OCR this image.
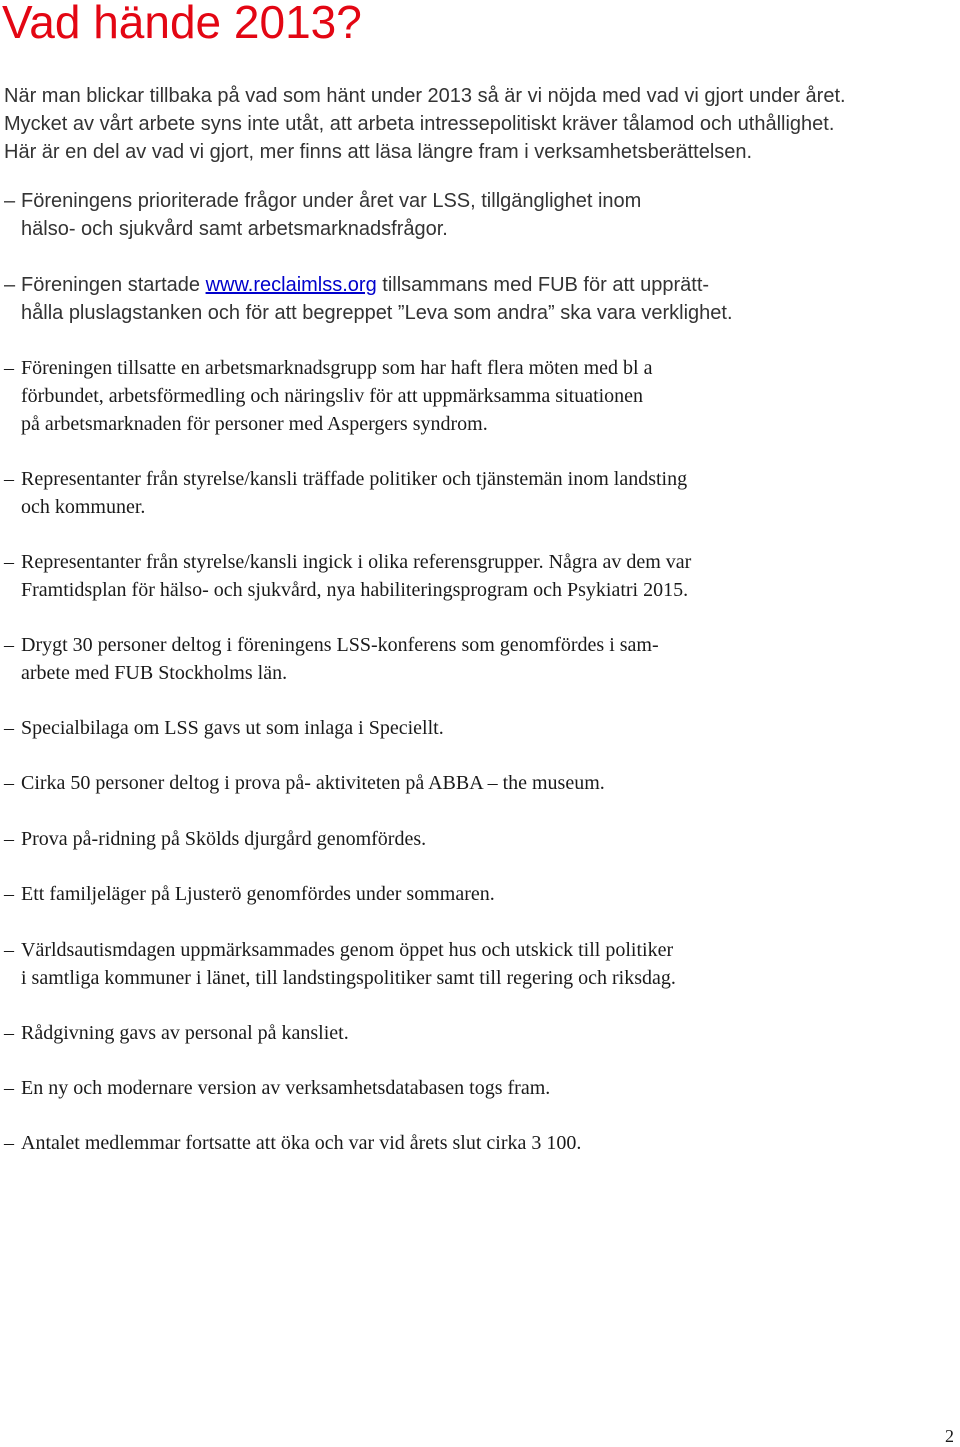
Vad hände 2013?

När man blickar tillbaka på vad som hänt under 2013 så är vi nöjda med vad vi gjort under året.

Mycket av vårt arbete syns inte utåt, att arbeta intressepolitiskt kräver tålamod och uthållighet.

Här är en del av vad vi gjort, mer finns att läsa längre fram i verksamhetsberättelsen.

– Föreningens prioriterade frågor under året var LSS, tillgänglighet inom
hälso- och sjukvård samt arbetsmarknadsfrågor.
– Föreningen startade www.reclaimlss.org tillsammans med FUB för att upprätt-
hålla pluslagstanken och för att begreppet ”Leva som andra” ska vara verklighet.
– Föreningen tillsatte en arbetsmarknadsgrupp som har haft flera möten med bl a
förbundet, arbetsförmedling och näringsliv för att uppmärksamma situationen
på arbetsmarknaden för personer med Aspergers syndrom.
– Representanter från styrelse/kansli träffade politiker och tjänstemän inom landsting
och kommuner.
– Representanter från styrelse/kansli ingick i olika referensgrupper. Några av dem var
Framtidsplan för hälso- och sjukvård, nya habiliteringsprogram och Psykiatri 2015.
– Drygt 30 personer deltog i föreningens LSS-konferens som genomfördes i sam-
arbete med FUB Stockholms län.
– Specialbilaga om LSS gavs ut som inlaga i Speciellt.
– Cirka 50 personer deltog i prova på- aktiviteten på ABBA – the museum.
– Prova på-ridning på Skölds djurgård genomfördes.
– Ett familjeläger på Ljusterö genomfördes under sommaren.
– Världsautismdagen uppmärksammades genom öppet hus och utskick till politiker
i samtliga kommuner i länet, till landstingspolitiker samt till regering och riksdag.
– Rådgivning gavs av personal på kansliet.
– En ny och modernare version av verksamhetsdatabasen togs fram.
– Antalet medlemmar fortsatte att öka och var vid årets slut cirka 3 100.
2
